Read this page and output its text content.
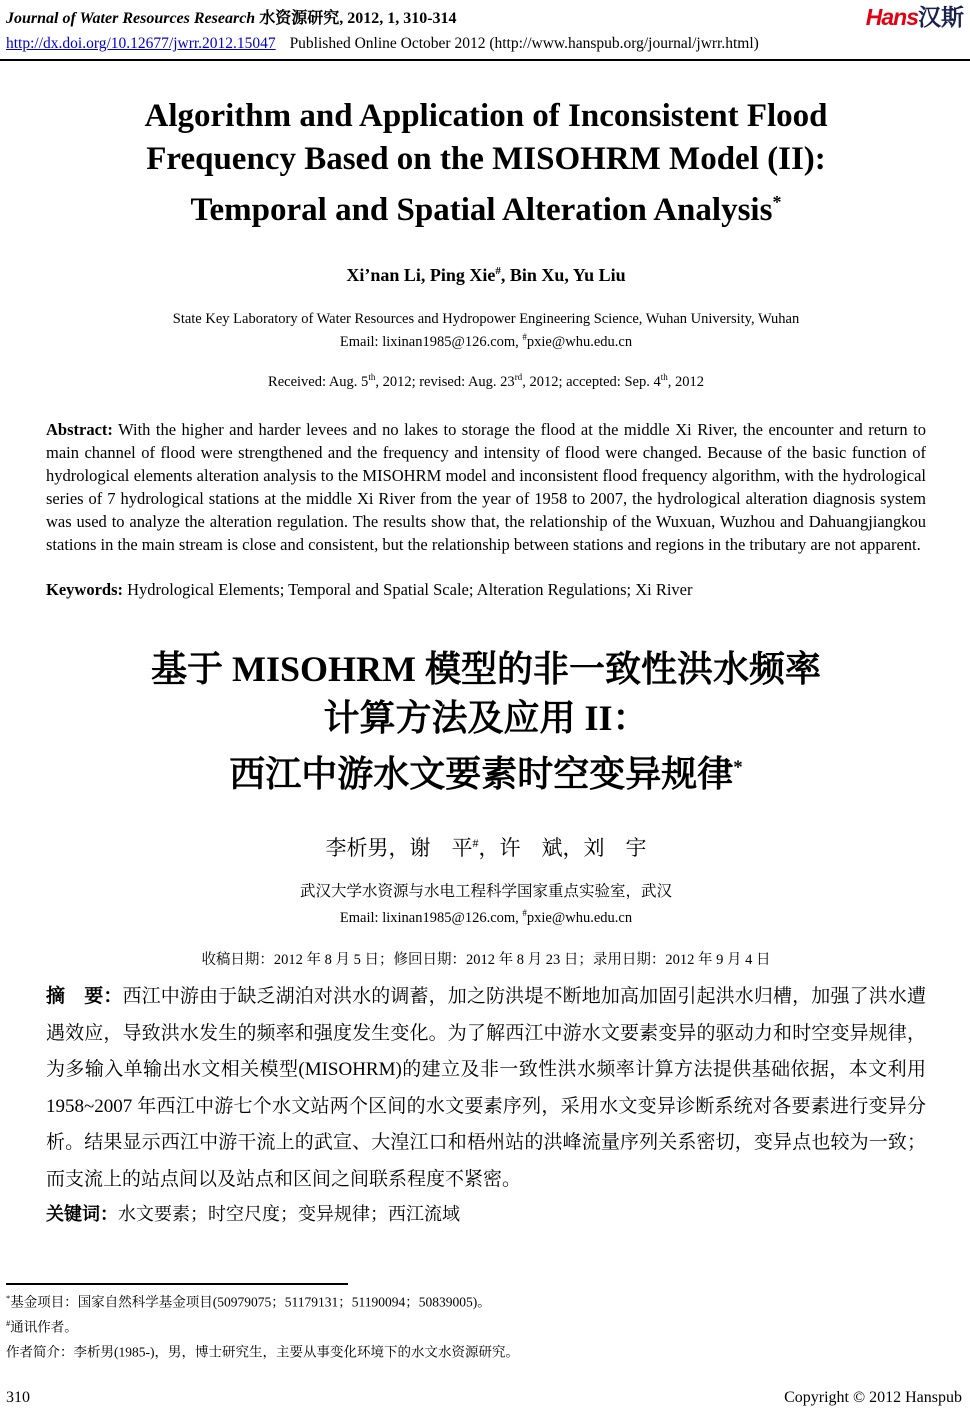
Journal of Water Resources Research 水资源研究, 2012, 1, 310-314
http://dx.doi.org/10.12677/jwrr.2012.15047 Published Online October 2012 (http://www.hanspub.org/journal/jwrr.html)
Hans汉斯
Algorithm and Application of Inconsistent Flood
Frequency Based on the MISOHRM Model (II):
Temporal and Spatial Alteration Analysis*
Xi’nan Li, Ping Xie#, Bin Xu, Yu Liu
State Key Laboratory of Water Resources and Hydropower Engineering Science, Wuhan University, Wuhan
Email: lixinan1985@126.com, #pxie@whu.edu.cn
Received: Aug. 5th, 2012; revised: Aug. 23rd, 2012; accepted: Sep. 4th, 2012

Abstract: With the higher and harder levees and no lakes to storage the flood at the middle Xi River, the encounter and return to main channel of flood were strengthened and the frequency and intensity of flood were changed. Because of the basic function of hydrological elements alteration analysis to the MISOHRM model and inconsistent flood frequency algorithm, with the hydrological series of 7 hydrological stations at the middle Xi River from the year of 1958 to 2007, the hydrological alteration diagnosis system was used to analyze the alteration regulation. The results show that, the relationship of the Wuxuan, Wuzhou and Dahuangjiangkou stations in the main stream is close and consistent, but the relationship between stations and regions in the tributary are not apparent.

Keywords: Hydrological Elements; Temporal and Spatial Scale; Alteration Regulations; Xi River

基于 MISOHRM 模型的非一致性洪水频率
计算方法及应用 II：
西江中游水文要素时空变异规律*
李析男，谢　平#，许　斌，刘　宇
武汉大学水资源与水电工程科学国家重点实验室，武汉
Email: lixinan1985@126.com, #pxie@whu.edu.cn
收稿日期：2012 年 8 月 5 日；修回日期：2012 年 8 月 23 日；录用日期：2012 年 9 月 4 日

摘　要：西江中游由于缺乏湖泊对洪水的调蓄，加之防洪堤不断地加高加固引起洪水归槽，加强了洪水遭遇效应，导致洪水发生的频率和强度发生变化。为了解西江中游水文要素变异的驱动力和时空变异规律，为多输入单输出水文相关模型(MISOHRM)的建立及非一致性洪水频率计算方法提供基础依据，本文利用 1958~2007 年西江中游七个水文站两个区间的水文要素序列，采用水文变异诊断系统对各要素进行变异分析。结果显示西江中游干流上的武宣、大湟江口和梧州站的洪峰流量序列关系密切，变异点也较为一致；而支流上的站点间以及站点和区间之间联系程度不紧密。

关键词：水文要素；时空尺度；变异规律；西江流域

*基金项目：国家自然科学基金项目(50979075；51179131；51190094；50839005)。
#通讯作者。
作者简介：李析男(1985-)，男，博士研究生，主要从事变化环境下的水文水资源研究。
310	Copyright © 2012 Hanspub
